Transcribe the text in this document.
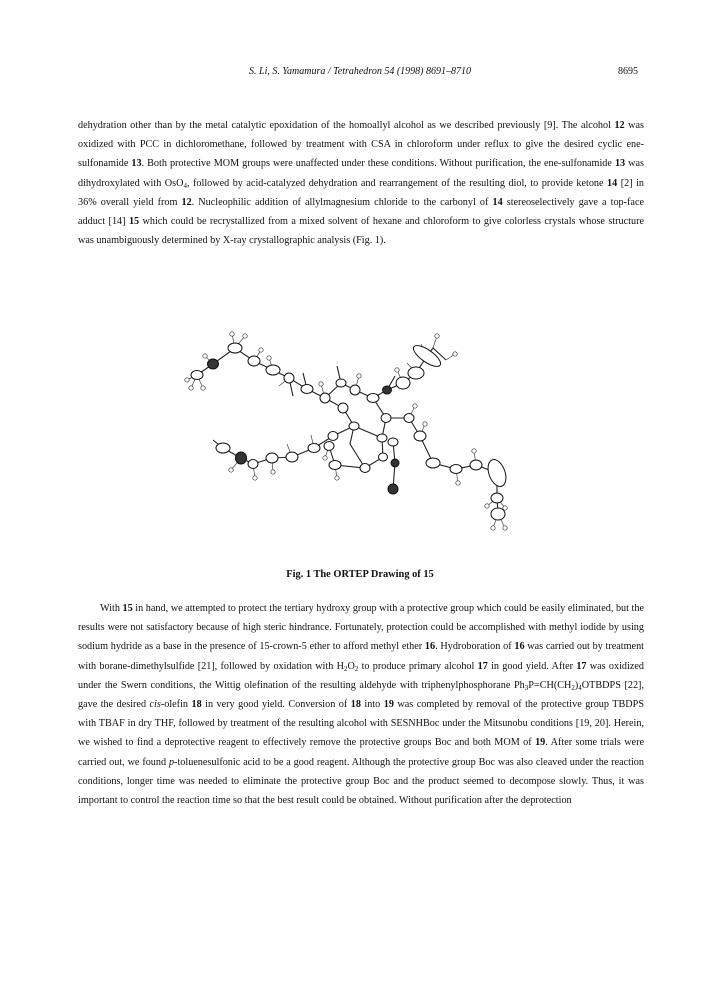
S. Li, S. Yamamura / Tetrahedron 54 (1998) 8691–8710	8695

dehydration other than by the metal catalytic epoxidation of the homoallyl alcohol as we described previously [9]. The alcohol 12 was oxidized with PCC in dichloromethane, followed by treatment with CSA in chloroform under reflux to give the desired cyclic ene-sulfonamide 13. Both protective MOM groups were unaffected under these conditions. Without purification, the ene-sulfonamide 13 was dihydroxylated with OsO$_4$, followed by acid-catalyzed dehydration and rearrangement of the resulting diol, to provide ketone 14 [2] in 36% overall yield from 12. Nucleophilic addition of allylmagnesium chloride to the carbonyl of 14 stereoselectively gave a top-face adduct [14] 15 which could be recrystallized from a mixed solvent of hexane and chloroform to give colorless crystals whose structure was unambiguously determined by X-ray crystallographic analysis (Fig. 1).

Fig. 1 The ORTEP Drawing of 15

With 15 in hand, we attempted to protect the tertiary hydroxy group with a protective group which could be easily eliminated, but the results were not satisfactory because of high steric hindrance. Fortunately, protection could be accomplished with methyl iodide by using sodium hydride as a base in the presence of 15-crown-5 ether to afford methyl ether 16. Hydroboration of 16 was carried out by treatment with borane-dimethylsulfide [21], followed by oxidation with $H_2O_2$ to produce primary alcohol 17 in good yield. After 17 was oxidized under the Swern conditions, the Wittig olefination of the resulting aldehyde with triphenylphosphorane $Ph_3P=CH(CH_2)_4OTBDPS$ [22], gave the desired cis-olefin 18 in very good yield. Conversion of 18 into 19 was completed by removal of the protective group TBDPS with TBAF in dry THF, followed by treatment of the resulting alcohol with SESNHBoc under the Mitsunobu conditions [19, 20]. Herein, we wished to find a deprotective reagent to effectively remove the protective groups Boc and both MOM of 19. After some trials were carried out, we found p-toluenesulfonic acid to be a good reagent. Although the protective group Boc was also cleaved under the reaction conditions, longer time was needed to eliminate the protective group Boc and the product seemed to decompose slowly. Thus, it was important to control the reaction time so that the best result could be obtained. Without purification after the deprotection
